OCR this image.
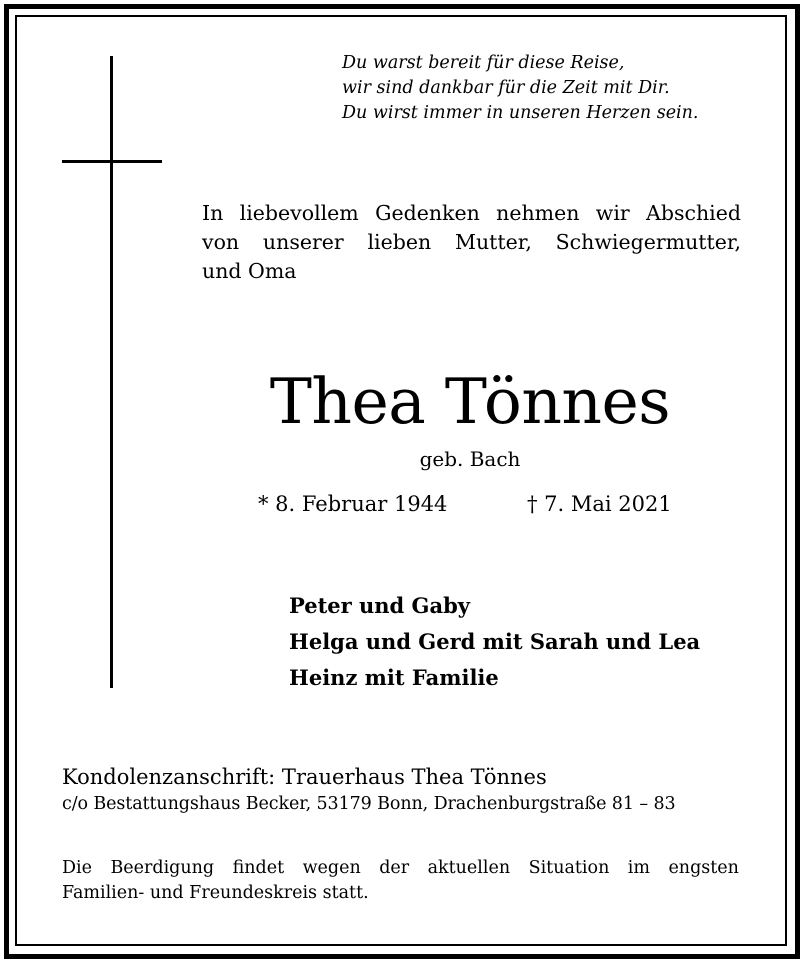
Du warst bereit für diese Reise,
wir sind dankbar für die Zeit mit Dir.
Du wirst immer in unseren Herzen sein.
In liebevollem Gedenken nehmen wir Abschied
von unserer lieben Mutter, Schwiegermutter,
und Oma
Thea Tönnes
geb. Bach
* 8. Februar 1944	† 7. Mai 2021
Peter und Gaby
Helga und Gerd mit Sarah und Lea
Heinz mit Familie
Kondolenzanschrift: Trauerhaus Thea Tönnes
c/o Bestattungshaus Becker, 53179 Bonn, Drachenburgstraße 81 – 83
Die Beerdigung findet wegen der aktuellen Situation im engsten
Familien- und Freundeskreis statt.
